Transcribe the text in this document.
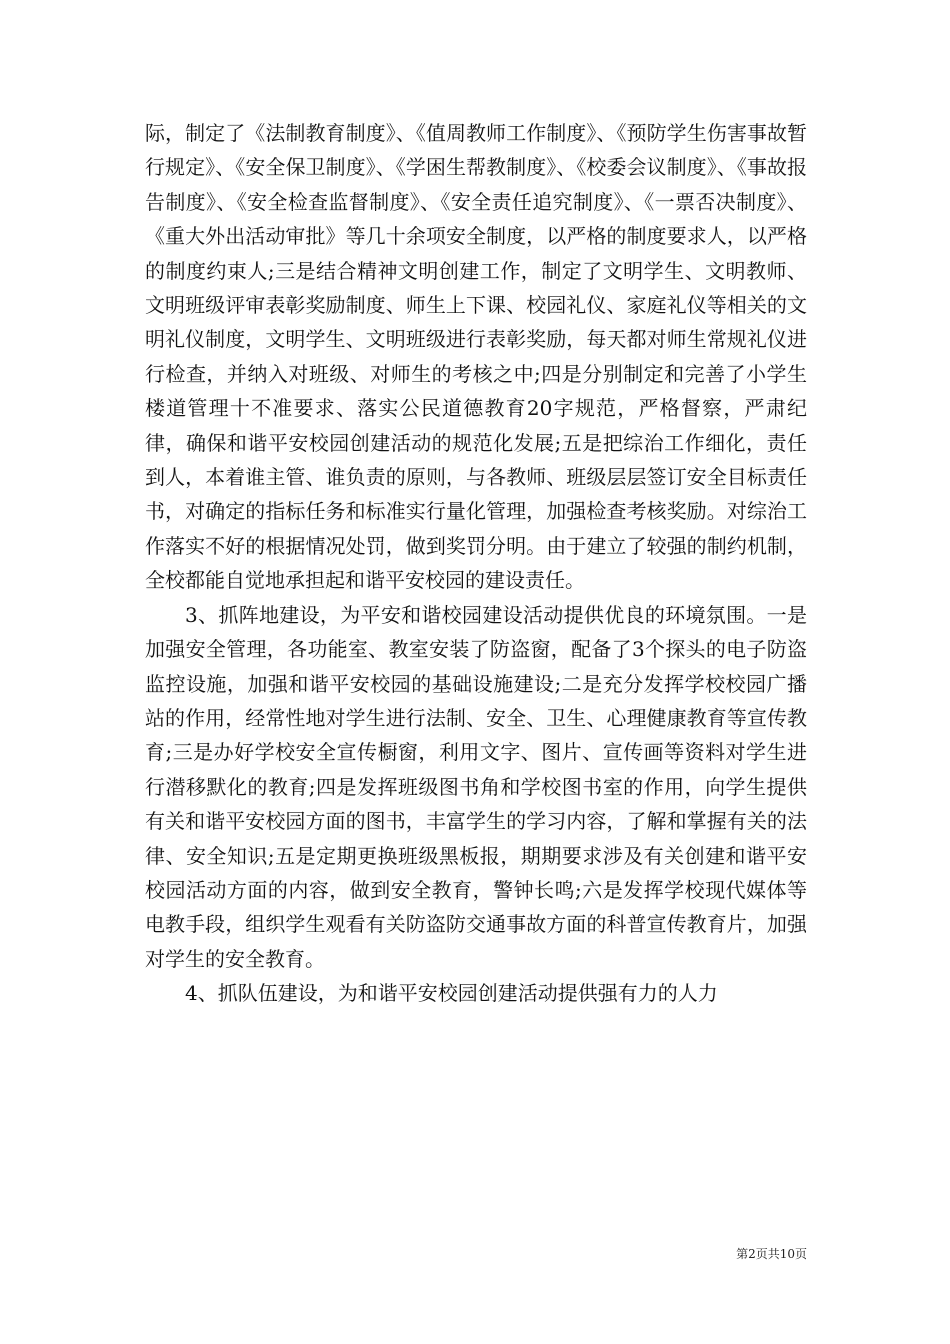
际，制定了《法制教育制度》、《值周教师工作制度》、《预防学生伤害事故暂行规定》、《安全保卫制度》、《学困生帮教制度》、《校委会议制度》、《事故报告制度》、《安全检查监督制度》、《安全责任追究制度》、《一票否决制度》、《重大外出活动审批》等几十余项安全制度，以严格的制度要求人，以严格的制度约束人;三是结合精神文明创建工作，制定了文明学生、文明教师、文明班级评审表彰奖励制度、师生上下课、校园礼仪、家庭礼仪等相关的文明礼仪制度，文明学生、文明班级进行表彰奖励，每天都对师生常规礼仪进行检查，并纳入对班级、对师生的考核之中;四是分别制定和完善了小学生楼道管理十不准要求、落实公民道德教育20字规范，严格督察，严肃纪律，确保和谐平安校园创建活动的规范化发展;五是把综治工作细化，责任到人，本着谁主管、谁负责的原则，与各教师、班级层层签订安全目标责任书，对确定的指标任务和标准实行量化管理，加强检查考核奖励。对综治工作落实不好的根据情况处罚，做到奖罚分明。由于建立了较强的制约机制，全校都能自觉地承担起和谐平安校园的建设责任。

3、抓阵地建设，为平安和谐校园建设活动提供优良的环境氛围。一是加强安全管理，各功能室、教室安装了防盗窗，配备了3个探头的电子防盗监控设施，加强和谐平安校园的基础设施建设;二是充分发挥学校校园广播站的作用，经常性地对学生进行法制、安全、卫生、心理健康教育等宣传教育;三是办好学校安全宣传橱窗，利用文字、图片、宣传画等资料对学生进行潜移默化的教育;四是发挥班级图书角和学校图书室的作用，向学生提供有关和谐平安校园方面的图书，丰富学生的学习内容，了解和掌握有关的法律、安全知识;五是定期更换班级黑板报，期期要求涉及有关创建和谐平安校园活动方面的内容，做到安全教育，警钟长鸣;六是发挥学校现代媒体等电教手段，组织学生观看有关防盗防交通事故方面的科普宣传教育片，加强对学生的安全教育。

4、抓队伍建设，为和谐平安校园创建活动提供强有力的人力

第2页共10页
